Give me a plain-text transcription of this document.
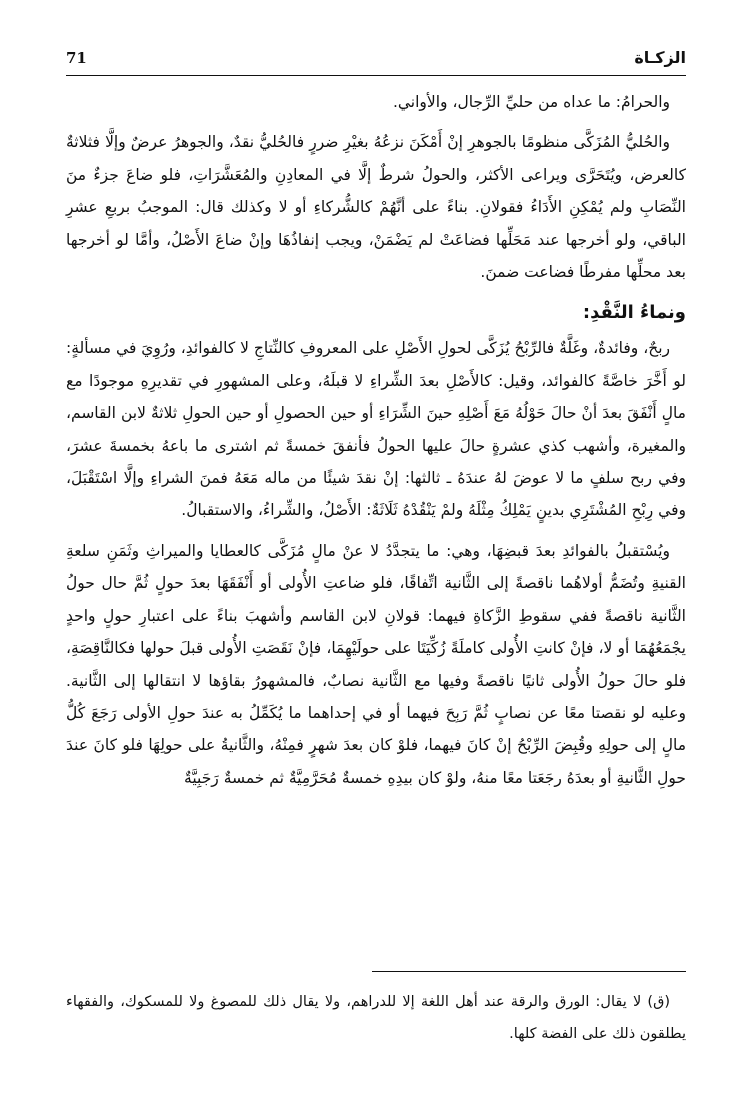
الزكـاة
71

والحرامُ: ما عداه من حليِّ الرِّجال، والأواني.

والحُليُّ المُزَكَّى منظومًا بالجوهرِ إنْ أَمْكَنَ نزعُهُ بغيْرِ ضررٍ فالحُليُّ نقدٌ، والجوهرُ عرضٌ وإلَّا فثلاثةٌ كالعرض، ويُتَحَرَّى ويراعى الأكثر، والحولُ شرطٌ إلَّا في المعادِنِ والمُعَشَّرَاتِ، فلو ضاعَ جزءٌ منَ النِّصَابِ ولم يُمْكِنِ الأَدَاءُ فقولانِ. بناءً على أنَّهُمْ كالشُّركاءِ أو لا وكذلك قال: الموجبُ بربعِ عشرِ الباقي، ولو أخرجها عند مَحَلِّها فضاعَتْ لم يَضْمَنْ، ويجب إنفاذُهَا وإنْ ضاعَ الأَصْلُ، وأمَّا لو أخرجها بعد محلِّها مفرطًا فضاعت ضمنَ.

ونماءُ النَّقْدِ:

ربحٌ، وفائدةٌ، وغَلَّةٌ فالرِّبْحُ يُزَكَّى لحولِ الأَصْلِ على المعروفِ كالنِّتاجِ لا كالفوائدِ، ورُوِيَ في مسألةٍ: لو أَخَّرَ خاصَّةً كالفوائد، وقيل: كالأَصْلِ بعدَ الشِّراءِ لا قبلَهُ، وعلى المشهورِ في تقديرِهِ موجودًا مع مالٍ أَنْفَقَ بعدَ أنْ حالَ حَوْلُهُ مَعَ أَصْلِهِ حينَ الشِّرَاءِ أو حين الحصولِ أو حين الحولِ ثلاثةٌ لابن القاسم، والمغيرة، وأشهب كذي عشرةٍ حالَ عليها الحولُ فأنفقَ خمسةً ثم اشترى ما باعهُ بخمسةَ عشرَ، وفي ربح سلفٍ ما لا عوضَ لهُ عندَهُ ـ ثالثها: إنْ نقدَ شيئًا من ماله مَعَهُ فمنَ الشراءِ وإلَّا اسْتَقْبَلَ، وفي رِبْحِ المُشْتَرِي بدينٍ يَمْلِكُ مِثْلَهُ ولمْ يَنْقُدْهُ ثَلَاثَةٌ: الأَصْلُ، والشِّراءُ، والاستقبالُ.

ويُسْتقبلُ بالفوائدِ بعدَ قبضِهَا، وهي: ما يتجدَّدُ لا عنْ مالٍ مُزَكَّى كالعطايا والميراثِ وثَمَنِ سلعةِ القنيةِ وتُضَمُّ أولاهُما ناقصةً إلى الثَّانية اتِّفاقًا، فلو ضاعتِ الأُولى أو أَنْفَقَهَا بعدَ حولٍ ثُمَّ حال حولُ الثَّانية ناقصةً ففي سقوطِ الزَّكاةِ فيهما: قولانِ لابن القاسم وأشهبَ بناءً على اعتبارِ حولٍ واحدٍ يجْمَعُهُمَا أو لا، فإنْ كانتِ الأُولى كاملَةً زُكِّيَتَا على حولَيْهِمَا، فإنْ نَقَصَتِ الأُولى قبلَ حولها فكالنَّاقِصَةِ، فلو حالَ حولُ الأُولى ثانيًا ناقصةً وفيها مع الثَّانية نصابٌ، فالمشهورُ بقاؤها لا انتقالها إلى الثَّانية. وعليه لو نقصتا معًا عن نصابٍ ثُمَّ رَبِحَ فيهما أو في إحداهما ما يُكَمِّلُ به عندَ حولِ الأولى رَجَعَ كُلُّ مالٍ إلى حولِهِ وقُبِضَ الرِّبْحُ إنْ كانَ فيهما، فلوْ كان بعدَ شهرٍ فمِنْهُ، والثَّانيةُ على حولِهَا فلو كانَ عندَ حولِ الثَّانيةِ أو بعدَهُ رجَعَتا معًا منهُ، ولوْ كان بيدِهِ خمسةٌ مُحَرَّمِيَّةٌ ثم خمسةٌ رَجَبِيَّةٌ

(ق) لا يقال: الورق والرقة عند أهل اللغة إلا للدراهم، ولا يقال ذلك للمصوغ ولا للمسكوك، والفقهاء يطلقون ذلك على الفضة كلها.
